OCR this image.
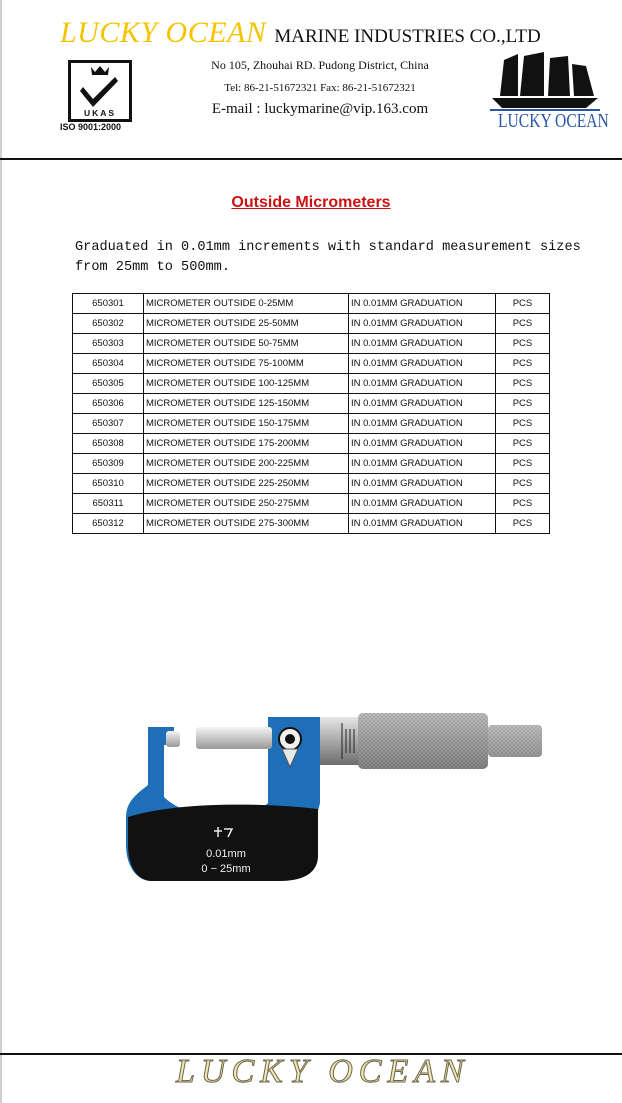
LUCKY OCEAN MARINE INDUSTRIES CO.,LTD
UKAS
ISO 9001:2000
No 105, Zhouhai RD. Pudong District, China
Tel: 86-21-51672321 Fax: 86-21-51672321
E-mail : luckymarine@vip.163.com
LUCKY OCEAN
Outside Micrometers
Graduated in 0.01mm increments with standard measurement sizes from 25mm to 500mm.
650301	MICROMETER OUTSIDE 0-25MM	IN 0.01MM GRADUATION	PCS
650302	MICROMETER OUTSIDE 25-50MM	IN 0.01MM GRADUATION	PCS
650303	MICROMETER OUTSIDE 50-75MM	IN 0.01MM GRADUATION	PCS
650304	MICROMETER OUTSIDE 75-100MM	IN 0.01MM GRADUATION	PCS
650305	MICROMETER OUTSIDE 100-125MM	IN 0.01MM GRADUATION	PCS
650306	MICROMETER OUTSIDE 125-150MM	IN 0.01MM GRADUATION	PCS
650307	MICROMETER OUTSIDE 150-175MM	IN 0.01MM GRADUATION	PCS
650308	MICROMETER OUTSIDE 175-200MM	IN 0.01MM GRADUATION	PCS
650309	MICROMETER OUTSIDE 200-225MM	IN 0.01MM GRADUATION	PCS
650310	MICROMETER OUTSIDE 225-250MM	IN 0.01MM GRADUATION	PCS
650311	MICROMETER OUTSIDE 250-275MM	IN 0.01MM GRADUATION	PCS
650312	MICROMETER OUTSIDE 275-300MM	IN 0.01MM GRADUATION	PCS
0.01mm
0 − 25mm
LUCKY OCEAN
